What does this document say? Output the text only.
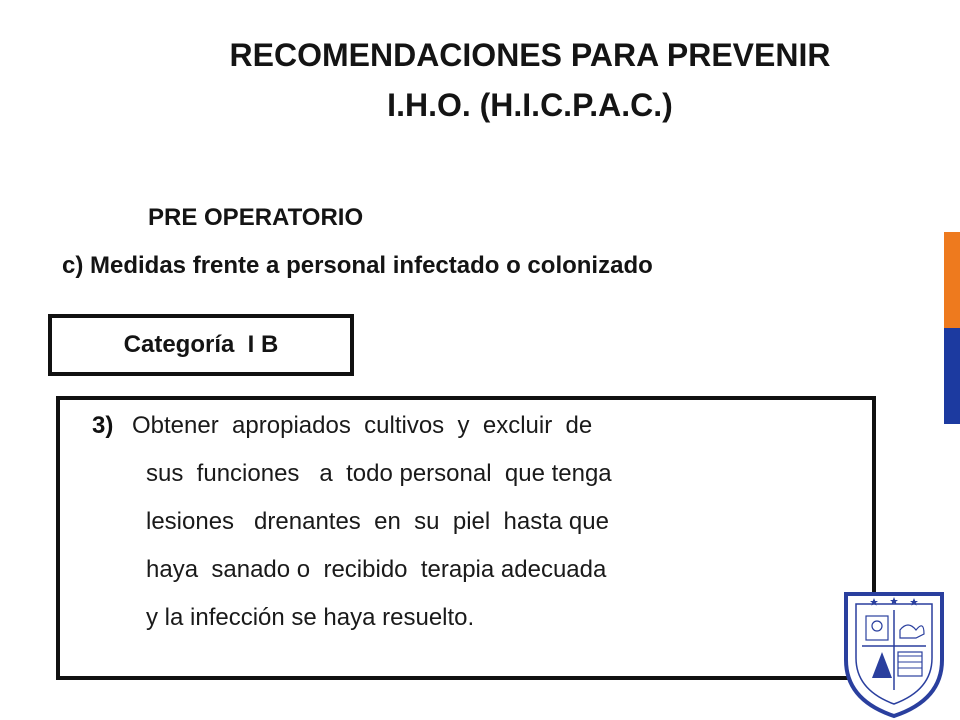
RECOMENDACIONES PARA PREVENIR
I.H.O. (H.I.C.P.A.C.)
PRE OPERATORIO
c) Medidas frente a personal infectado o colonizado
Categoría  I B
3) Obtener  apropiados  cultivos  y  excluir  de
sus  funciones   a  todo personal  que tenga
lesiones   drenantes  en  su  piel  hasta que
haya  sanado o  recibido  terapia adecuada
y la infección se haya resuelto.
